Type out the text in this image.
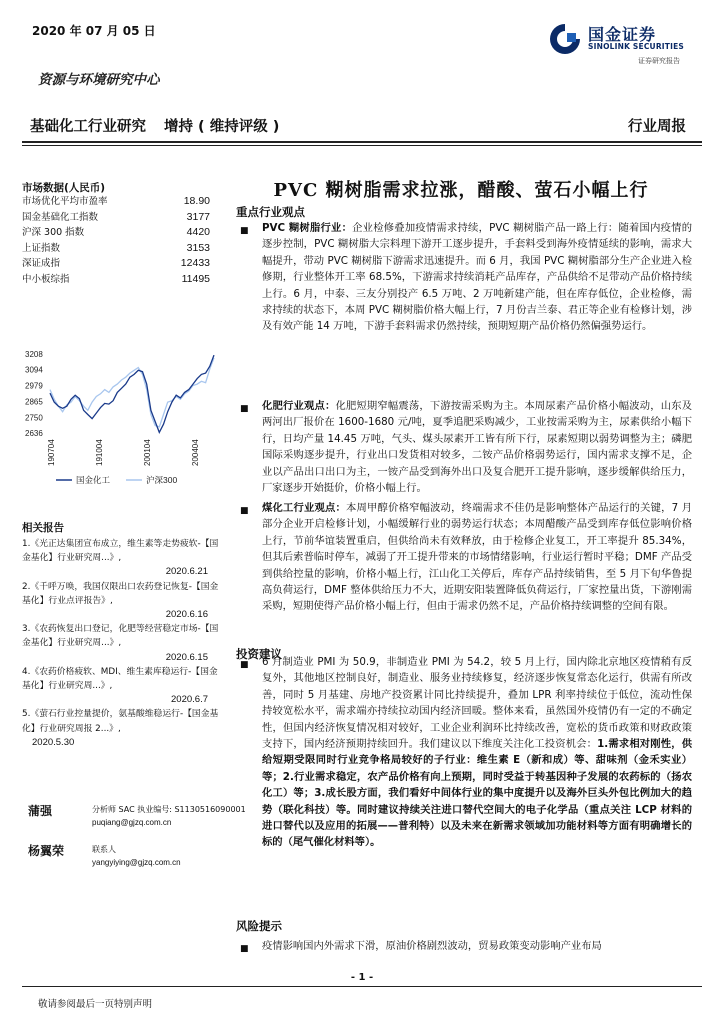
2020 年 07 月 05 日	国金证券
SINOLINK SECURITIES
证券研究报告
资源与环境研究中心
基础化工行业研究 增持 ( 维持评级 )	行业周报
市场数据(人民币)
市场优化平均市盈率	18.90
国金基础化工指数	3177
沪深 300 指数	4420
上证指数	3153
深证成指	12433
中小板综指	11495
3208
3094
2979
2865
2750
2636
190704	191004	200104	200404
国金化工	沪深300
相关报告
1.《光正达集团宣布成立，维生素等走势疲软-【国金基化】行业研究周...》,
2020.6.21
2.《千呼万唤，我国仅限出口农药登记恢复-【国金基化】行业点评报告》,
2020.6.16
3.《农药恢复出口登记，化肥等经营稳定市场-【国金基化】行业研究周...》,
2020.6.15
4.《农药价格疲软、MDI、维生素库稳运行-【国金基化】行业研究周...》,
2020.6.7
5.《萤石行业控量提价，氨基酸维稳运行-【国金基化】行业研究周报 2...》,
2020.5.30
蒲强	分析师 SAC 执业编号: S1130516090001
puqiang@gjzq.com.cn
杨翼荣	联系人
yangyiying@gjzq.com.cn
PVC 糊树脂需求拉涨，醋酸、萤石小幅上行
重点行业观点
■ PVC 糊树脂行业：企业检修叠加疫情需求持续，PVC 糊树脂产品一路上行：随着国内疫情的逐步控制，PVC 糊树脂大宗料理下游开工逐步提升，手套料受到海外疫情延续的影响，需求大幅提升，带动 PVC 糊树脂下游需求迅速提升。而 6 月，我国 PVC 糊树脂部分生产企业进入检修期，行业整体开工率 68.5%，下游需求持续消耗产品库存，产品供给不足带动产品价格持续上行。6 月，中泰、三友分别投产 6.5 万吨、2 万吨新建产能，但在库存低位，企业检修，需求持续的状态下，本周 PVC 糊树脂价格大幅上行，7 月份吉兰泰、君正等企业有检修计划，涉及有效产能 14 万吨，下游手套料需求仍然持续，预期短期产品价格仍然偏强势运行。
■ 化肥行业观点：化肥短期窄幅震荡，下游按需采购为主。本周尿素产品价格小幅波动，山东及两河出厂报价在 1600-1680 元/吨，夏季追肥采购减少，工业按需采购为主，尿素供给小幅下行，日均产量 14.45 万吨，气头、煤头尿素开工皆有所下行，尿素短期以弱势调整为主；磷肥国际采购逐步提升，行业出口发货相对较多，二铵产品价格弱势运行，国内需求支撑不足，企业以产品出口出口为主，一铵产品受到海外出口及复合肥开工提升影响，逐步缓解供给压力，厂家逐步开始挺价，价格小幅上行。
■ 煤化工行业观点：本周甲醇价格窄幅波动，终端需求不佳仍是影响整体产品运行的关键，7 月部分企业开启检修计划，小幅缓解行业的弱势运行状态；本周醋酸产品受到库存低位影响价格上行，节前华谊装置重启，但供给尚未有效释放，由于检修企业复工，开工率提升 85.34%，但其后索普临时停车，减弱了开工提升带来的市场情绪影响，行业运行暂时平稳；DMF 产品受到供给控量的影响，价格小幅上行，江山化工关停后，库存产品持续销售，至 5 月下旬华鲁提高负荷运行，DMF 整体供给压力不大，近期安阳装置降低负荷运行，厂家控量出货，下游刚需采购，短期使得产品价格小幅上行，但由于需求仍然不足，产品价格持续调整的空间有限。
投资建议
■ 6 月制造业 PMI 为 50.9，非制造业 PMI 为 54.2，较 5 月上行，国内除北京地区疫情稍有反复外，其他地区控制良好，制造业、服务业持续修复，经济逐步恢复常态化运行，供需有所改善，同时 5 月基建、房地产投资累计同比持续提升，叠加 LPR 利率持续位于低位，流动性保持较宽松水平，需求端亦持续拉动国内经济回暖。整体来看，虽然国外疫情仍有一定的不确定性，但国内经济恢复情况相对较好，工业企业利润环比持续改善，宽松的货币政策和财政政策支持下，国内经济预期持续回升。我们建议以下维度关注化工投资机会：1.需求相对刚性，供给短期受限同时行业竞争格局较好的子行业：维生素 E（新和成）等、甜味剂（金禾实业）等；2.行业需求稳定，农产品价格有向上预期，同时受益于转基因种子发展的农药标的（扬农化工）等；3.成长股方面，我们看好中间体行业的集中度提升以及海外巨头外包比例加大的趋势（联化科技）等。同时建议持续关注进口替代空间大的电子化学品（重点关注 LCP 材料的进口替代以及应用的拓展——普利特）以及未来在新需求领域加功能材料等方面有明确增长的标的（尾气催化材料等）。
风险提示
■ 疫情影响国内外需求下滑，原油价格剧烈波动，贸易政策变动影响产业布局
- 1 -
敬请参阅最后一页特别声明
